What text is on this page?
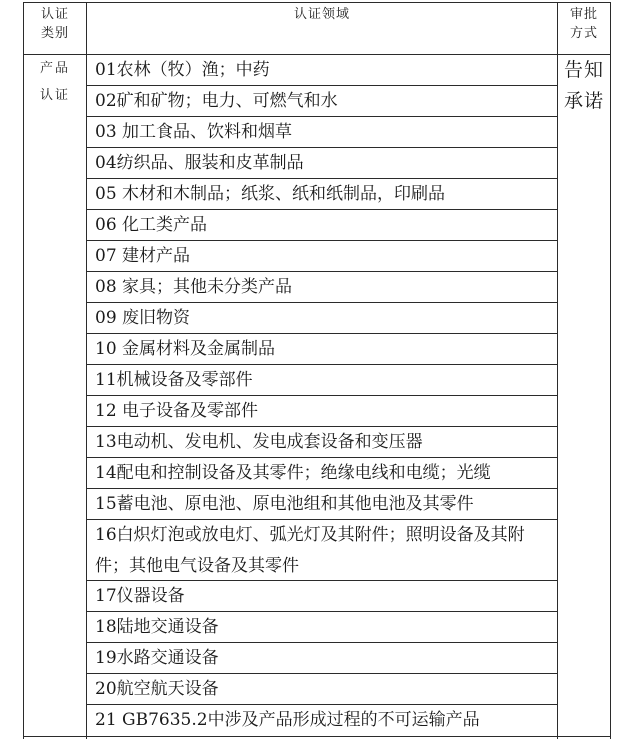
认证
类别
认证领域	审批
方式
产品
认证
告知
承诺
01农林（牧）渔；中药
02矿和矿物；电力、可燃气和水
03 加工食品、饮料和烟草
04纺织品、服装和皮革制品
05 木材和木制品；纸浆、纸和纸制品，印刷品
06 化工类产品
07 建材产品
08 家具；其他未分类产品
09 废旧物资
10 金属材料及金属制品
11机械设备及零部件
12 电子设备及零部件
13电动机、发电机、发电成套设备和变压器
14配电和控制设备及其零件；绝缘电线和电缆；光缆
15蓄电池、原电池、原电池组和其他电池及其零件
16白炽灯泡或放电灯、弧光灯及其附件；照明设备及其附件；其他电气设备及其零件
17仪器设备
18陆地交通设备
19水路交通设备
20航空航天设备
21 GB7635.2中涉及产品形成过程的不可运输产品
